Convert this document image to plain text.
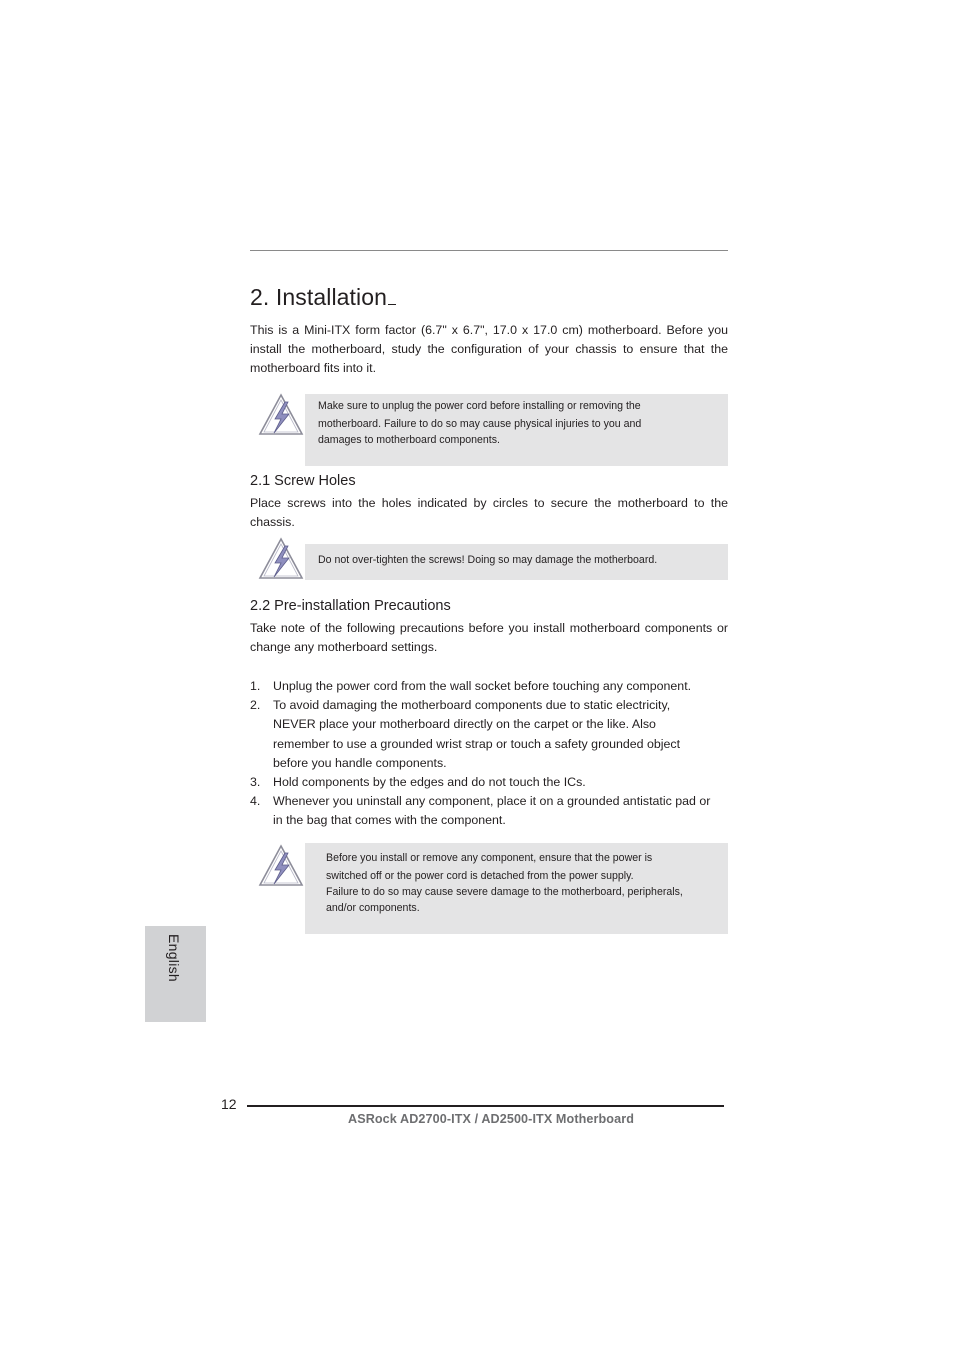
2. Installation
This is a Mini-ITX form factor (6.7" x 6.7", 17.0 x 17.0 cm) motherboard. Before you install the motherboard, study the configuration of your chassis to ensure that the motherboard fits into it.
Make sure to unplug the power cord before installing or removing the
motherboard. Failure to do so may cause physical injuries to you and
damages to motherboard components.
2.1 Screw Holes
Place screws into the holes indicated by circles to secure the motherboard to the chassis.
Do not over-tighten the screws! Doing so may damage the motherboard.
2.2 Pre-installation Precautions
Take note of the following precautions before you install motherboard components or change any motherboard settings.
1. Unplug the power cord from the wall socket before touching any component.
2. To avoid damaging the motherboard components due to static electricity,
NEVER place your motherboard directly on the carpet or the like. Also
remember to use a grounded wrist strap or touch a safety grounded object
before you handle components.
3. Hold components by the edges and do not touch the ICs.
4. Whenever you uninstall any component, place it on a grounded antistatic pad or
in the bag that comes with the component.
Before you install or remove any component, ensure that the power is
switched off or the power cord is detached from the power supply.
Failure to do so may cause severe damage to the motherboard, peripherals,
and/or components.
English
12
ASRock AD2700-ITX / AD2500-ITX Motherboard
